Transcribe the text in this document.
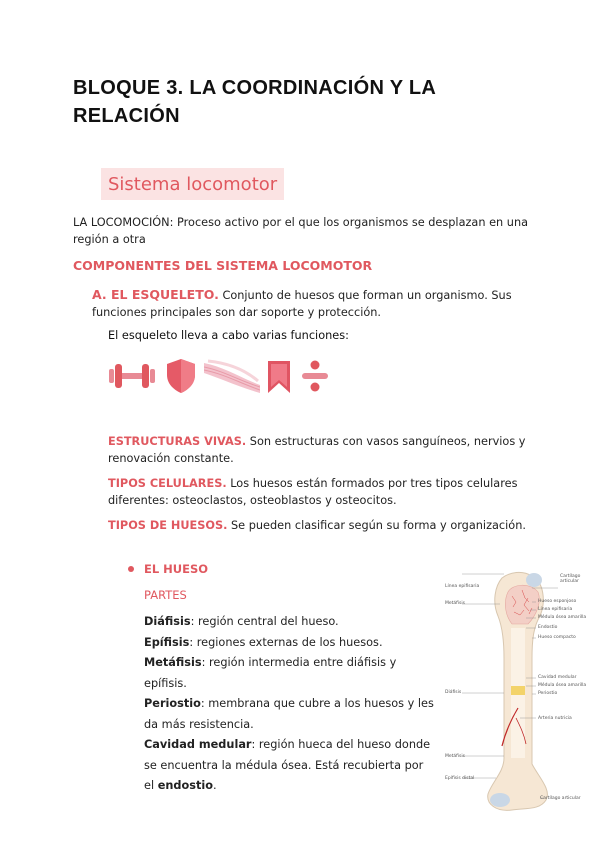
BLOQUE 3. LA COORDINACIÓN Y LA RELACIÓN
Sistema locomotor
LA LOCOMOCIÓN: Proceso activo por el que los organismos se desplazan en una región a otra
COMPONENTES DEL SISTEMA LOCOMOTOR
A. EL ESQUELETO. Conjunto de huesos que forman un organismo. Sus funciones principales son dar soporte y protección.
El esqueleto lleva a cabo varias funciones:
ESTRUCTURAS VIVAS. Son estructuras con vasos sanguíneos, nervios y renovación constante.
TIPOS CELULARES. Los huesos están formados por tres tipos celulares diferentes: osteoclastos, osteoblastos y osteocitos.
TIPOS DE HUESOS. Se pueden clasificar según su forma y organización.
EL HUESO
PARTES
Diáfisis: región central del hueso.
Epífisis: regiones externas de los huesos.
Metáfisis: región intermedia entre diáfisis y epífisis.
Periostio: membrana que cubre a los huesos y les da más resistencia.
Cavidad medular: región hueca del hueso donde se encuentra la médula ósea. Está recubierta por el endostio.
Línea epifisaria
Metáfisis
Diáfisis
Metáfisis
Epífisis distal
Cartílago articular
Hueso esponjoso
Línea epifisaria
Médula ósea amarilla
Endostio
Hueso compacto
Cavidad medular
Médula ósea amarilla
Periostio
Arteria nutricia
Cartílago articular
